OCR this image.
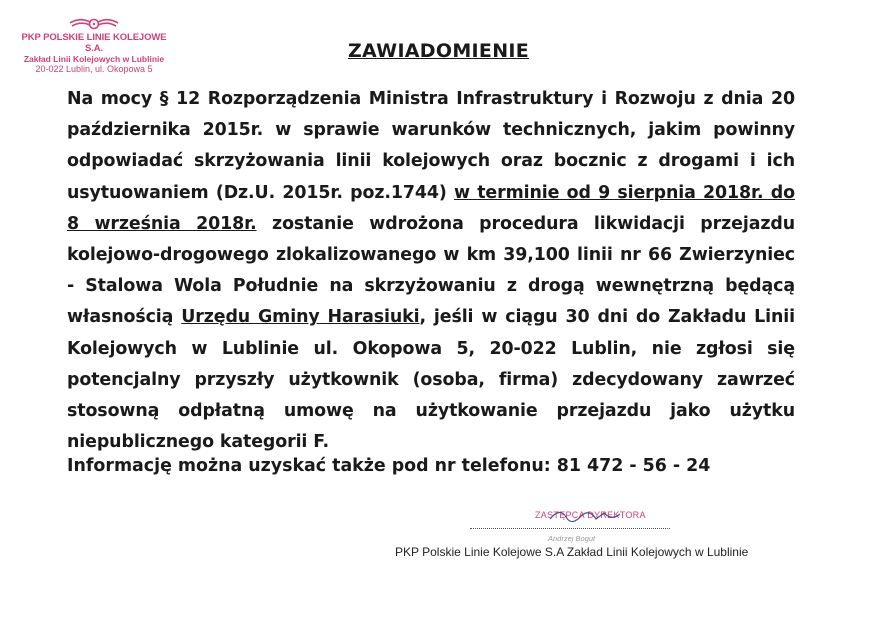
PKP POLSKIE LINIE KOLEJOWE S.A.
Zakład Linii Kolejowych w Lublinie
20-022 Lublin, ul. Okopowa 5
ZAWIADOMIENIE
Na mocy § 12 Rozporządzenia Ministra Infrastruktury i Rozwoju z dnia 20 października 2015r. w sprawie warunków technicznych, jakim powinny odpowiadać skrzyżowania linii kolejowych oraz bocznic z drogami i ich usytuowaniem (Dz.U. 2015r. poz.1744) w terminie od 9 sierpnia 2018r. do 8 września 2018r. zostanie wdrożona procedura likwidacji przejazdu kolejowo-drogowego zlokalizowanego w km 39,100 linii nr 66 Zwierzyniec - Stalowa Wola Południe na skrzyżowaniu z drogą wewnętrzną będącą własnością Urzędu Gminy Harasiuki, jeśli w ciągu 30 dni do Zakładu Linii Kolejowych w Lublinie ul. Okopowa 5, 20-022 Lublin, nie zgłosi się potencjalny przyszły użytkownik (osoba, firma) zdecydowany zawrzeć stosowną odpłatną umowę na użytkowanie przejazdu jako użytku niepublicznego kategorii F.
Informację można uzyskać także pod nr telefonu: 81 472 - 56 - 24
ZASTĘPCA DYREKTORA
Andrzej Bogut
PKP Polskie Linie Kolejowe S.A Zakład Linii Kolejowych w Lublinie
